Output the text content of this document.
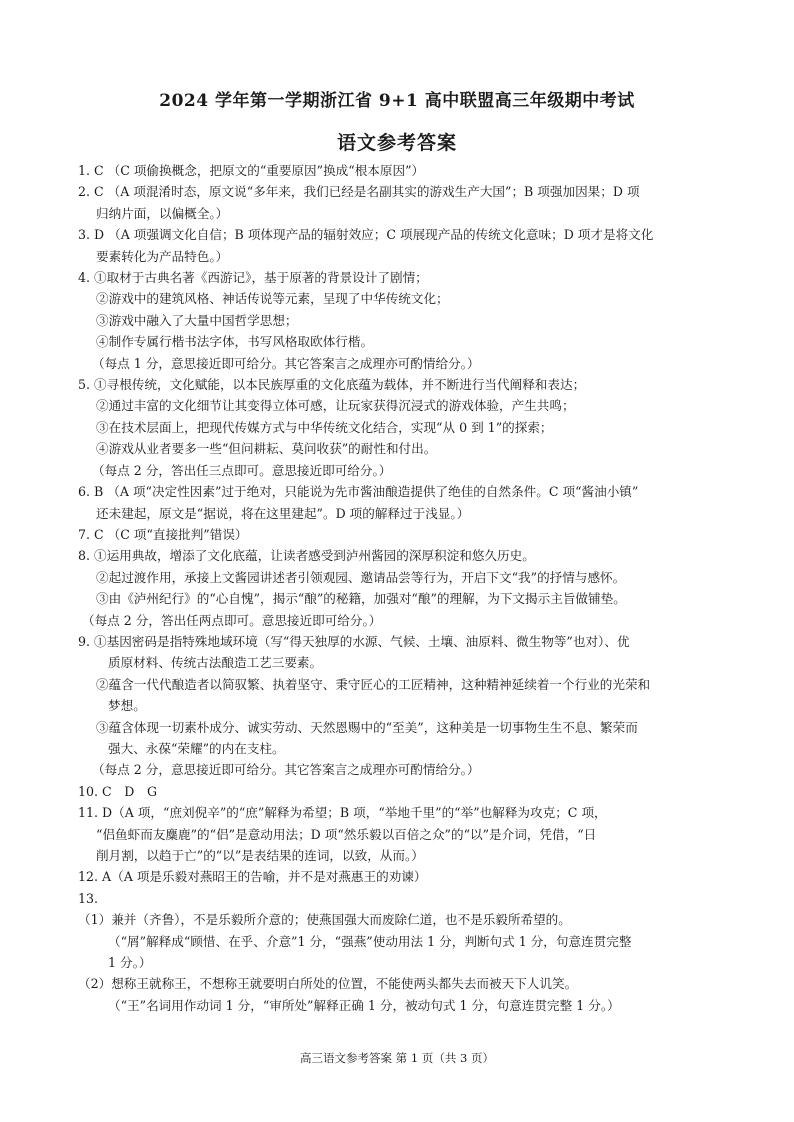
2024 学年第一学期浙江省 9+1 高中联盟高三年级期中考试
语文参考答案
1. C （C 项偷换概念，把原文的“重要原因”换成“根本原因”）
2. C （A 项混淆时态，原文说“多年来，我们已经是名副其实的游戏生产大国”；B 项强加因果；D 项
归纳片面，以偏概全。）
3. D （A 项强调文化自信；B 项体现产品的辐射效应；C 项展现产品的传统文化意味；D 项才是将文化
要素转化为产品特色。）
4. ①取材于古典名著《西游记》，基于原著的背景设计了剧情；
②游戏中的建筑风格、神话传说等元素，呈现了中华传统文化；
③游戏中融入了大量中国哲学思想；
④制作专属行楷书法字体，书写风格取欧体行楷。
（每点 1 分，意思接近即可给分。其它答案言之成理亦可酌情给分。）
5. ①寻根传统，文化赋能，以本民族厚重的文化底蕴为载体，并不断进行当代阐释和表达；
②通过丰富的文化细节让其变得立体可感，让玩家获得沉浸式的游戏体验，产生共鸣；
③在技术层面上，把现代传媒方式与中华传统文化结合，实现“从 0 到 1”的探索；
④游戏从业者要多一些“但问耕耘、莫问收获”的耐性和付出。
（每点 2 分，答出任三点即可。意思接近即可给分。）
6. B （A 项“决定性因素”过于绝对，只能说为先市酱油酿造提供了绝佳的自然条件。C 项“酱油小镇”
还未建起，原文是“据说，将在这里建起”。D 项的解释过于浅显。）
7. C （C 项“直接批判”错误）
8. ①运用典故，增添了文化底蕴，让读者感受到泸州酱园的深厚积淀和悠久历史。
②起过渡作用，承接上文酱园讲述者引领观园、邀请品尝等行为，开启下文“我”的抒情与感怀。
③由《泸州纪行》的“心自愧”，揭示“酿”的秘籍，加强对“酿”的理解，为下文揭示主旨做铺垫。
（每点 2 分，答出任两点即可。意思接近即可给分。）
9. ①基因密码是指特殊地域环境（写“得天独厚的水源、气候、土壤、油原料、微生物等”也对）、优
质原材料、传统古法酿造工艺三要素。
②蕴含一代代酿造者以简驭繁、执着坚守、秉守匠心的工匠精神，这种精神延续着一个行业的光荣和
梦想。
③蕴含体现一切素朴成分、诚实劳动、天然恩赐中的“至美”，这种美是一切事物生生不息、繁荣而
强大、永葆“荣耀”的内在支柱。
（每点 2 分，意思接近即可给分。其它答案言之成理亦可酌情给分。）
10. C　D　G
11. D（A 项，“庶刘倪辛”的“庶”解释为希望；B 项，“举地千里”的“举”也解释为攻克；C 项，
“侣鱼虾而友麋鹿”的“侣”是意动用法；D 项“然乐毅以百倍之众”的“以”是介词，凭借，“日
削月割，以趋于亡”的“以”是表结果的连词，以致，从而。）
12. A（A 项是乐毅对燕昭王的告喻，并不是对燕惠王的劝谏）
13.
（1）兼并（齐鲁），不是乐毅所介意的；使燕国强大而废除仁道，也不是乐毅所希望的。
（“屑”解释成“顾惜、在乎、介意”1 分，“强燕”使动用法 1 分，判断句式 1 分，句意连贯完整
1 分。）
（2）想称王就称王，不想称王就要明白所处的位置，不能使两头都失去而被天下人讥笑。
（“王”名词用作动词 1 分，“审所处”解释正确 1 分，被动句式 1 分，句意连贯完整 1 分。）
高三语文参考答案 第 1 页（共 3 页）
